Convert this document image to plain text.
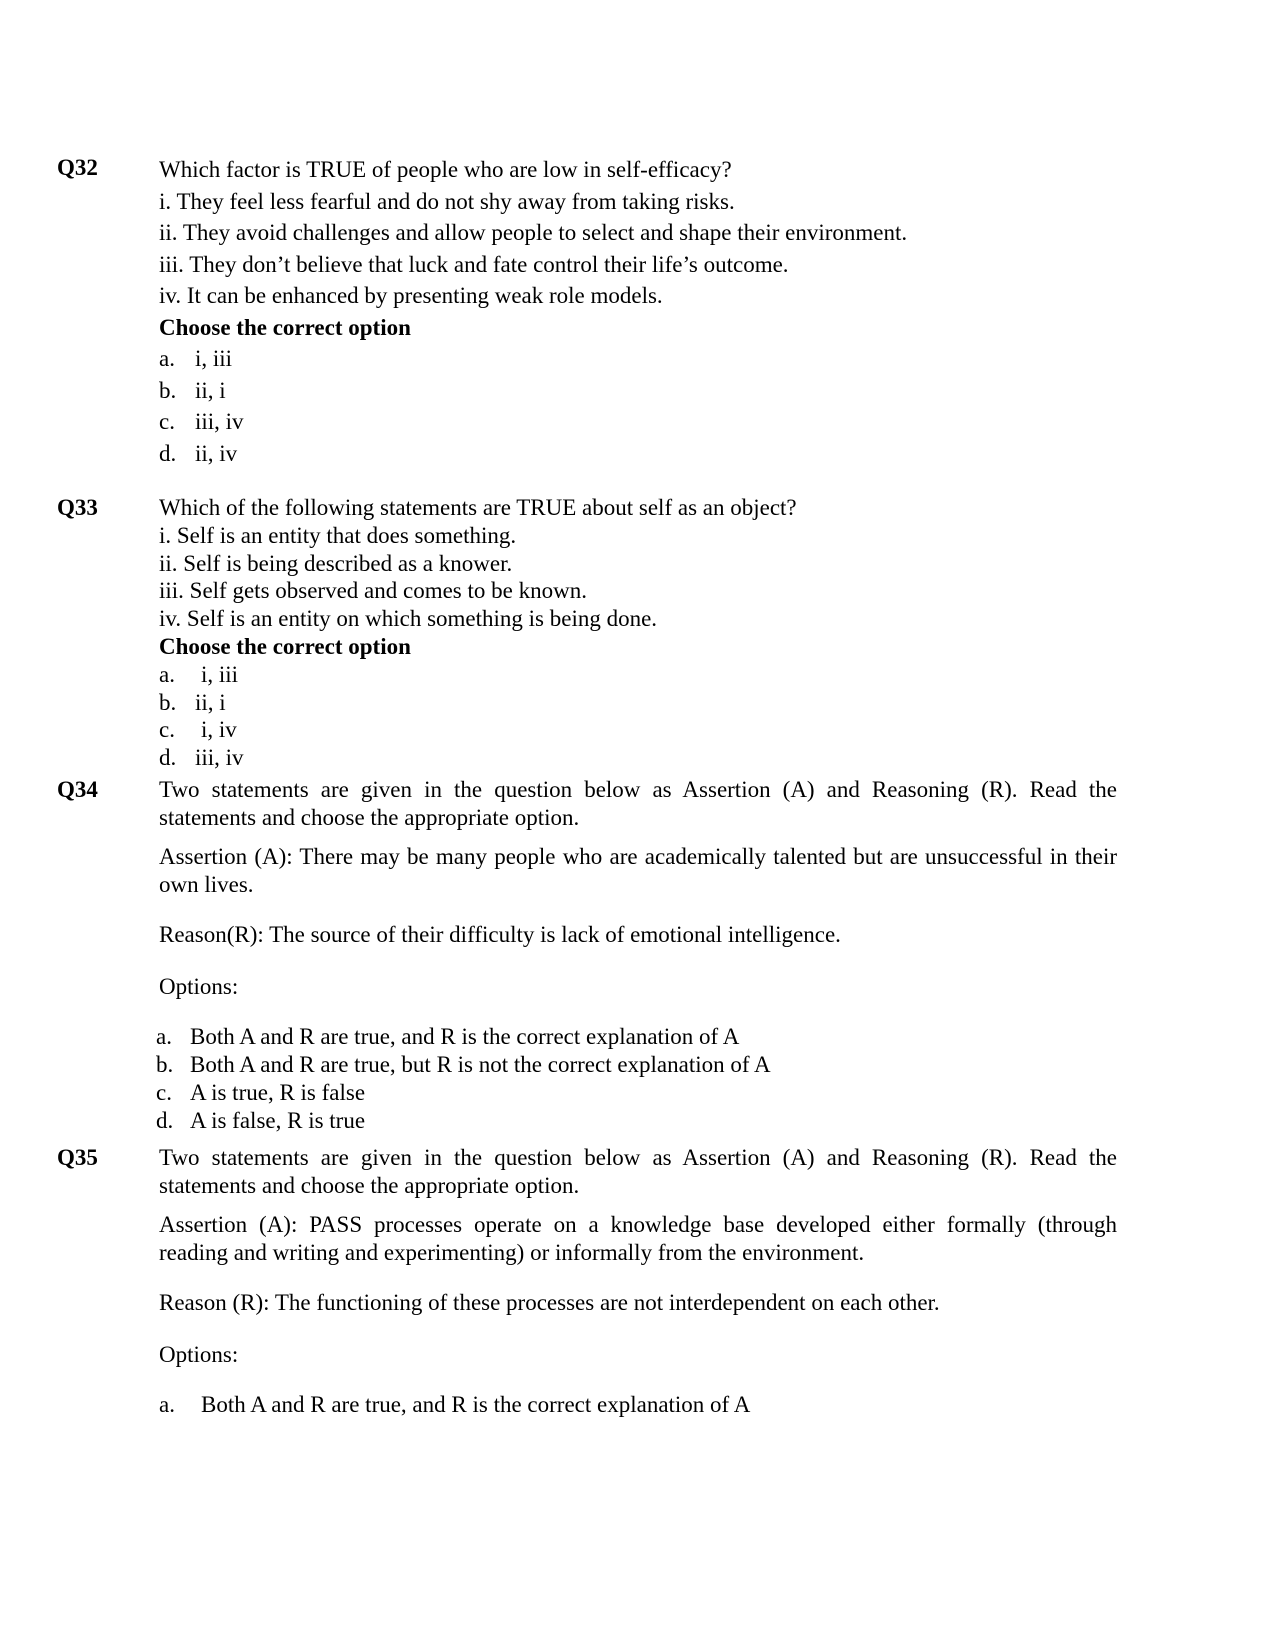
Q32	Which factor is TRUE of people who are low in self-efficacy?
i. They feel less fearful and do not shy away from taking risks.
ii. They avoid challenges and allow people to select and shape their environment.
iii. They don’t believe that luck and fate control their life’s outcome.
iv. It can be enhanced by presenting weak role models.
Choose the correct option
a. i, iii
b. ii, i
c. iii, iv
d. ii, iv
Q33	Which of the following statements are TRUE about self as an object?
i. Self is an entity that does something.
ii. Self is being described as a knower.
iii. Self gets observed and comes to be known.
iv. Self is an entity on which something is being done.
Choose the correct option
a.	i, iii
b. ii, i
c.	i, iv
d. iii, iv
Q34	Two statements are given in the question below as Assertion (A) and Reasoning (R). Read the statements and choose the appropriate option.
Assertion (A): There may be many people who are academically talented but are unsuccessful in their own lives.
Reason(R): The source of their difficulty is lack of emotional intelligence.
Options:
a. Both A and R are true, and R is the correct explanation of A
b. Both A and R are true, but R is not the correct explanation of A
c. A is true, R is false
d. A is false, R is true
Q35	Two statements are given in the question below as Assertion (A) and Reasoning (R). Read the statements and choose the appropriate option.
Assertion (A): PASS processes operate on a knowledge base developed either formally (through reading and writing and experimenting) or informally from the environment.
Reason (R): The functioning of these processes are not interdependent on each other.
Options:
a.	Both A and R are true, and R is the correct explanation of A
